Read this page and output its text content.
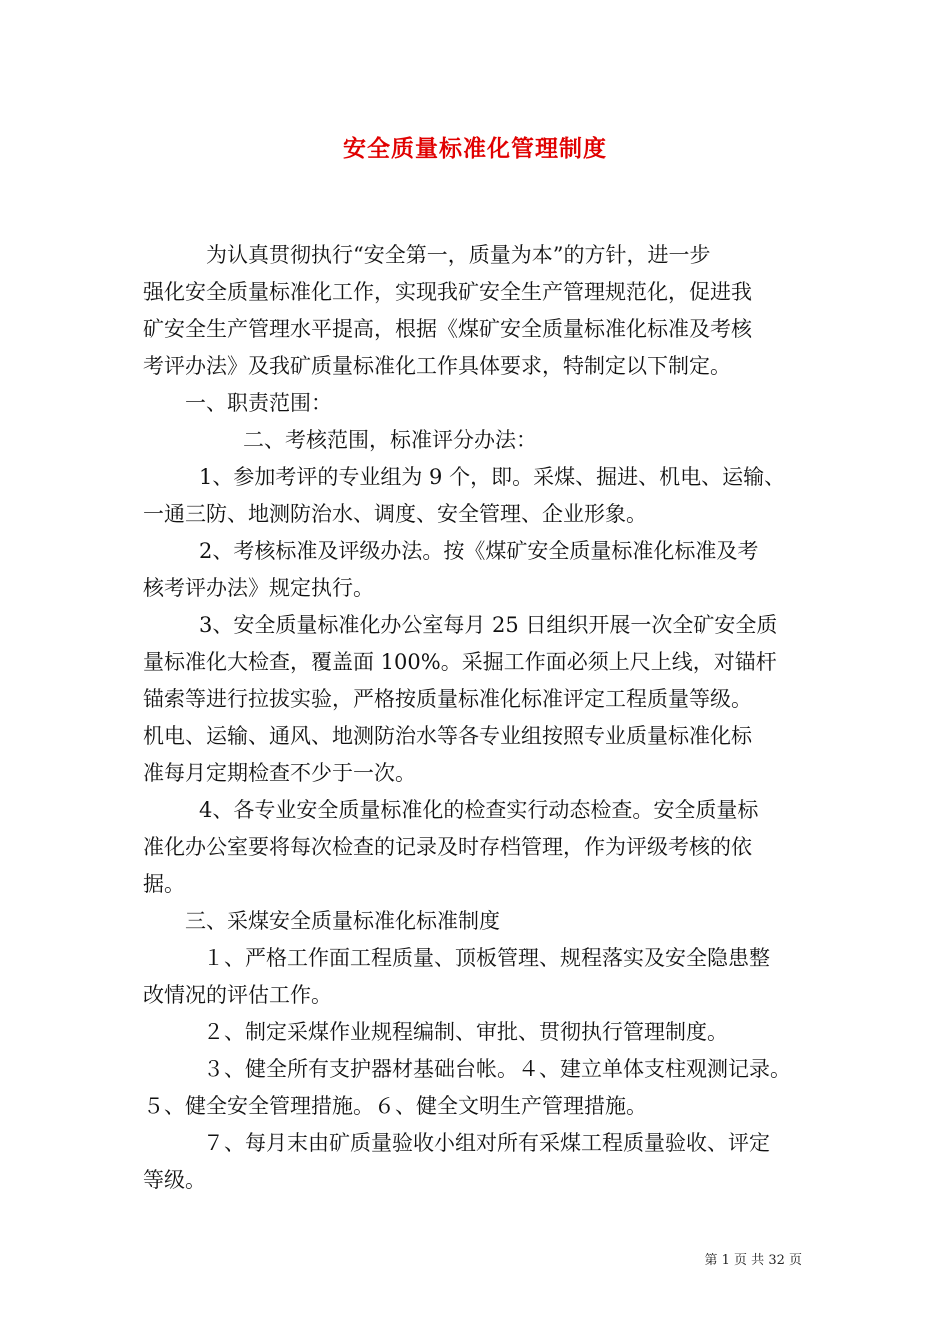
安全质量标准化管理制度

为认真贯彻执行“安全第一，质量为本”的方针，进一步

强化安全质量标准化工作，实现我矿安全生产管理规范化，促进我

矿安全生产管理水平提高，根据《煤矿安全质量标准化标准及考核

考评办法》及我矿质量标准化工作具体要求，特制定以下制定。

一、职责范围：

二、考核范围，标准评分办法：

1、参加考评的专业组为 9 个，即。采煤、掘进、机电、运输、

一通三防、地测防治水、调度、安全管理、企业形象。

2、考核标准及评级办法。按《煤矿安全质量标准化标准及考

核考评办法》规定执行。

3、安全质量标准化办公室每月 25 日组织开展一次全矿安全质

量标准化大检查，覆盖面 100%。采掘工作面必须上尺上线，对锚杆

锚索等进行拉拔实验，严格按质量标准化标准评定工程质量等级。

机电、运输、通风、地测防治水等各专业组按照专业质量标准化标

准每月定期检查不少于一次。

4、各专业安全质量标准化的检查实行动态检查。安全质量标

准化办公室要将每次检查的记录及时存档管理，作为评级考核的依

据。

三、采煤安全质量标准化标准制度

１、严格工作面工程质量、顶板管理、规程落实及安全隐患整

改情况的评估工作。

２、制定采煤作业规程编制、审批、贯彻执行管理制度。

３、健全所有支护器材基础台帐。４、建立单体支柱观测记录。

５、健全安全管理措施。６、健全文明生产管理措施。

７、每月末由矿质量验收小组对所有采煤工程质量验收、评定

等级。

第 1 页 共 32 页
